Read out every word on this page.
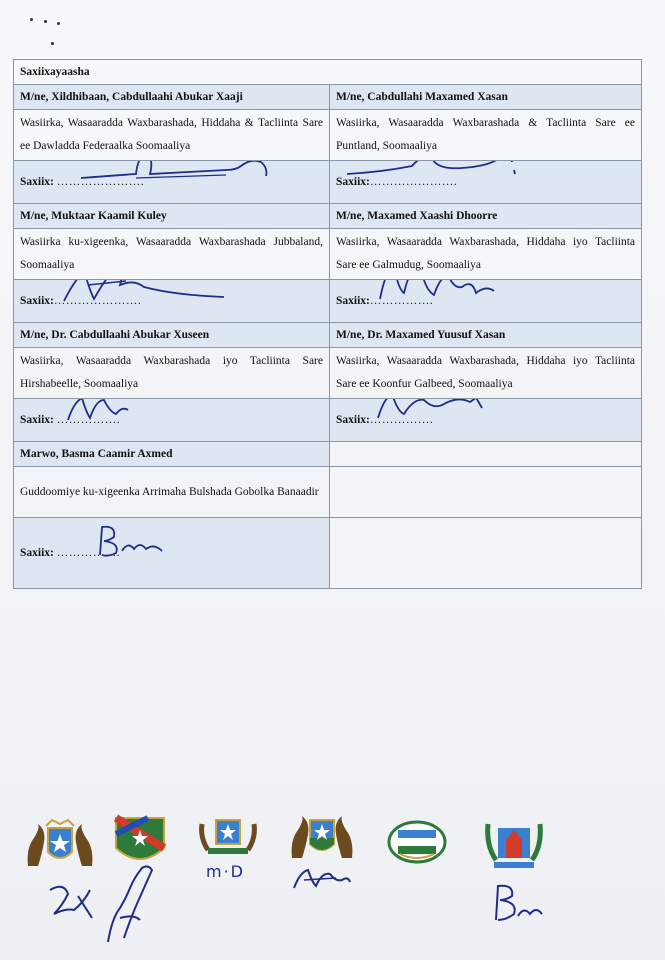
Saxiixayaasha	
M/ne, Xildhibaan, Cabdullaahi Abukar Xaaji	M/ne, Cabdullahi Maxamed Xasan
Wasiirka, Wasaaradda Waxbarashada, Hiddaha & Tacliinta Sare ee Dawladda Federaalka Soomaaliya	Wasiirka, Wasaaradda Waxbarashada & Tacliinta Sare ee Puntland, Soomaaliya
Saxiix: ………………….	Saxiix:………………….

M/ne, Muktaar Kaamil Kuley	M/ne, Maxamed Xaashi Dhoorre
Wasiirka ku-xigeenka, Wasaaradda Waxbarashada Jubbaland, Soomaaliya	Wasiirka, Wasaaradda Waxbarashada, Hiddaha iyo Tacliinta Sare ee Galmudug, Soomaaliya
Saxiix:………………….	Saxiix:…………….

M/ne, Dr. Cabdullaahi Abukar Xuseen	M/ne, Dr. Maxamed Yuusuf Xasan
Wasiirka, Wasaaradda Waxbarashada iyo Tacliinta Sare Hirshabeelle, Soomaaliya	Wasiirka, Wasaaradda Waxbarashada, Hiddaha iyo Tacliinta Sare ee Koonfur Galbeed, Soomaaliya
Saxiix: …………….	Saxiix:…………….

Marwo, Basma Caamir Axmed	
Guddoomiye ku-xigeenka Arrimaha Bulshada Gobolka Banaadir	
Saxiix: …………….

m·D
